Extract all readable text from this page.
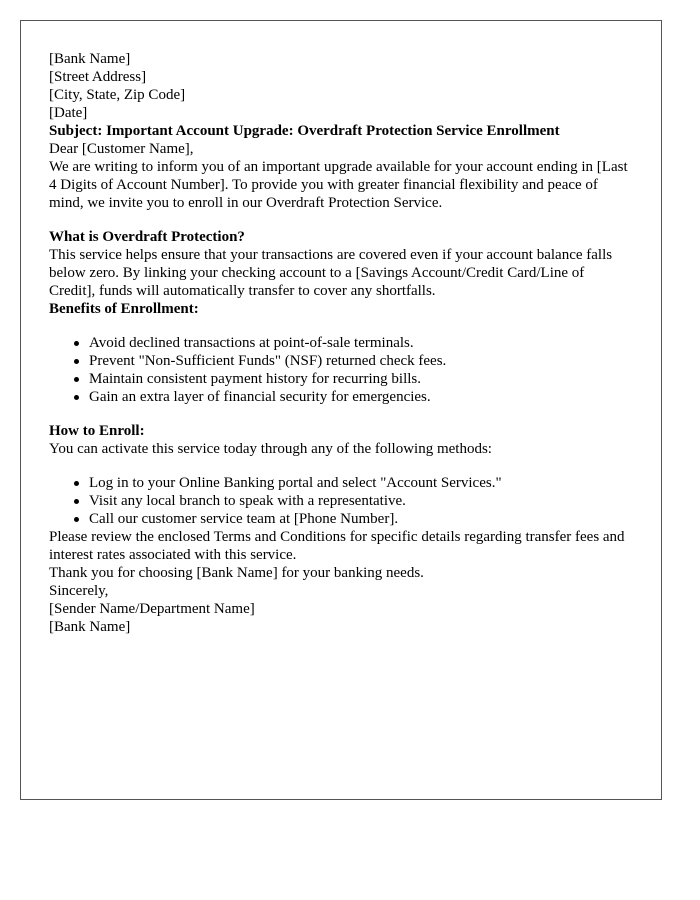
[Bank Name]
[Street Address]
[City, State, Zip Code]
[Date]

Subject: Important Account Upgrade: Overdraft Protection Service Enrollment

Dear [Customer Name],

We are writing to inform you of an important upgrade available for your account ending in [Last 4 Digits of Account Number]. To provide you with greater financial flexibility and peace of mind, we invite you to enroll in our Overdraft Protection Service.

What is Overdraft Protection?

This service helps ensure that your transactions are covered even if your account balance falls below zero. By linking your checking account to a [Savings Account/Credit Card/Line of Credit], funds will automatically transfer to cover any shortfalls.

Benefits of Enrollment:

Avoid declined transactions at point-of-sale terminals.
Prevent "Non-Sufficient Funds" (NSF) returned check fees.
Maintain consistent payment history for recurring bills.
Gain an extra layer of financial security for emergencies.

How to Enroll:

You can activate this service today through any of the following methods:

Log in to your Online Banking portal and select "Account Services."
Visit any local branch to speak with a representative.
Call our customer service team at [Phone Number].

Please review the enclosed Terms and Conditions for specific details regarding transfer fees and interest rates associated with this service.

Thank you for choosing [Bank Name] for your banking needs.

Sincerely,

[Sender Name/Department Name]
[Bank Name]
